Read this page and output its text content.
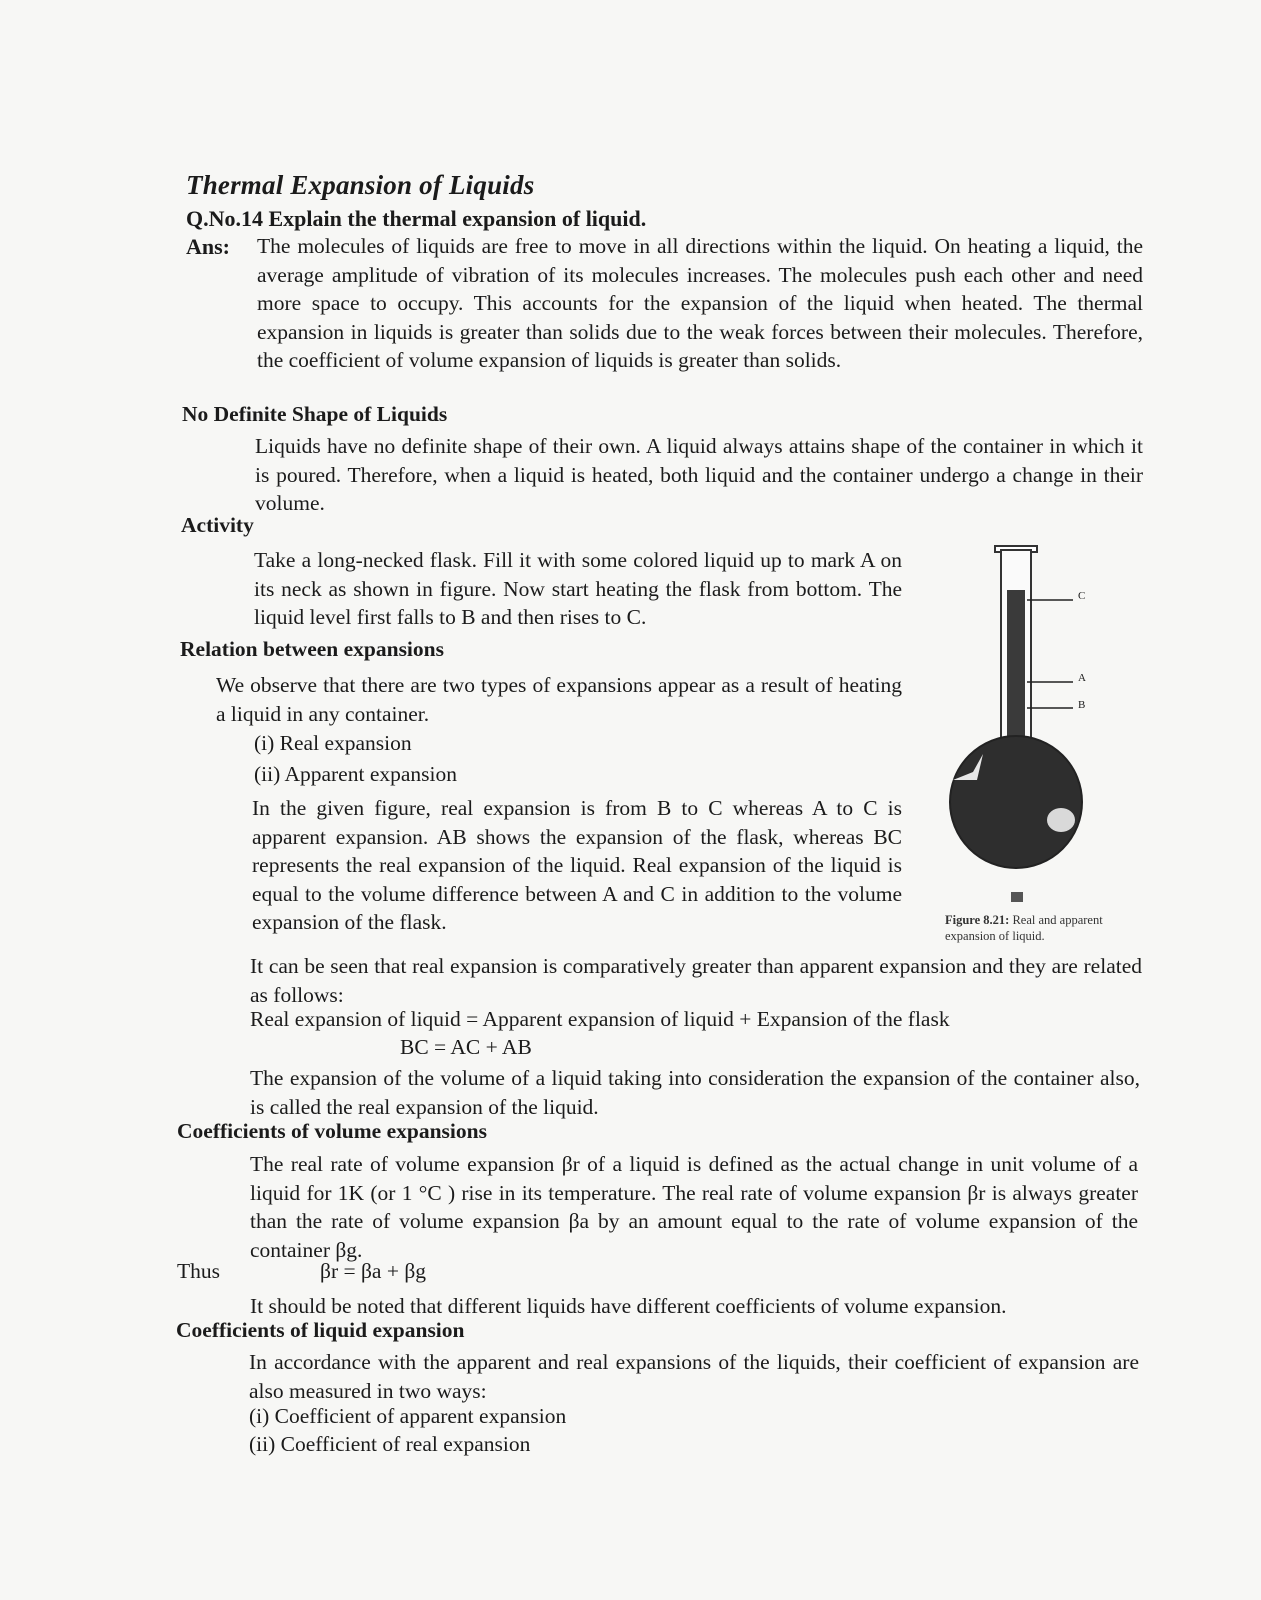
Thermal Expansion of Liquids
Q.No.14 Explain the thermal expansion of liquid.
Ans: The molecules of liquids are free to move in all directions within the liquid. On heating a liquid, the average amplitude of vibration of its molecules increases. The molecules push each other and need more space to occupy. This accounts for the expansion of the liquid when heated. The thermal expansion in liquids is greater than solids due to the weak forces between their molecules. Therefore, the coefficient of volume expansion of liquids is greater than solids.
No Definite Shape of Liquids
Liquids have no definite shape of their own. A liquid always attains shape of the container in which it is poured. Therefore, when a liquid is heated, both liquid and the container undergo a change in their volume.
Activity
Take a long-necked flask. Fill it with some colored liquid up to mark A on its neck as shown in figure. Now start heating the flask from bottom. The liquid level first falls to B and then rises to C.
Relation between expansions
We observe that there are two types of expansions appear as a result of heating a liquid in any container.
(i) Real expansion
(ii) Apparent expansion
In the given figure, real expansion is from B to C whereas A to C is apparent expansion. AB shows the expansion of the flask, whereas BC represents the real expansion of the liquid. Real expansion of the liquid is equal to the volume difference between A and C in addition to the volume expansion of the flask.
It can be seen that real expansion is comparatively greater than apparent expansion and they are related as follows:
Real expansion of liquid = Apparent expansion of liquid + Expansion of the flask
BC = AC + AB
The expansion of the volume of a liquid taking into consideration the expansion of the container also, is called the real expansion of the liquid.
Coefficients of volume expansions
The real rate of volume expansion βr of a liquid is defined as the actual change in unit volume of a liquid for 1K (or 1 °C ) rise in its temperature. The real rate of volume expansion βr is always greater than the rate of volume expansion βa by an amount equal to the rate of volume expansion of the container βg.
Thus	βr = βa + βg
It should be noted that different liquids have different coefficients of volume expansion.
Coefficients of liquid expansion
In accordance with the apparent and real expansions of the liquids, their coefficient of expansion are also measured in two ways:
(i) Coefficient of apparent expansion
(ii) Coefficient of real expansion
C
A
B
Figure 8.21: Real and apparent expansion of liquid.
